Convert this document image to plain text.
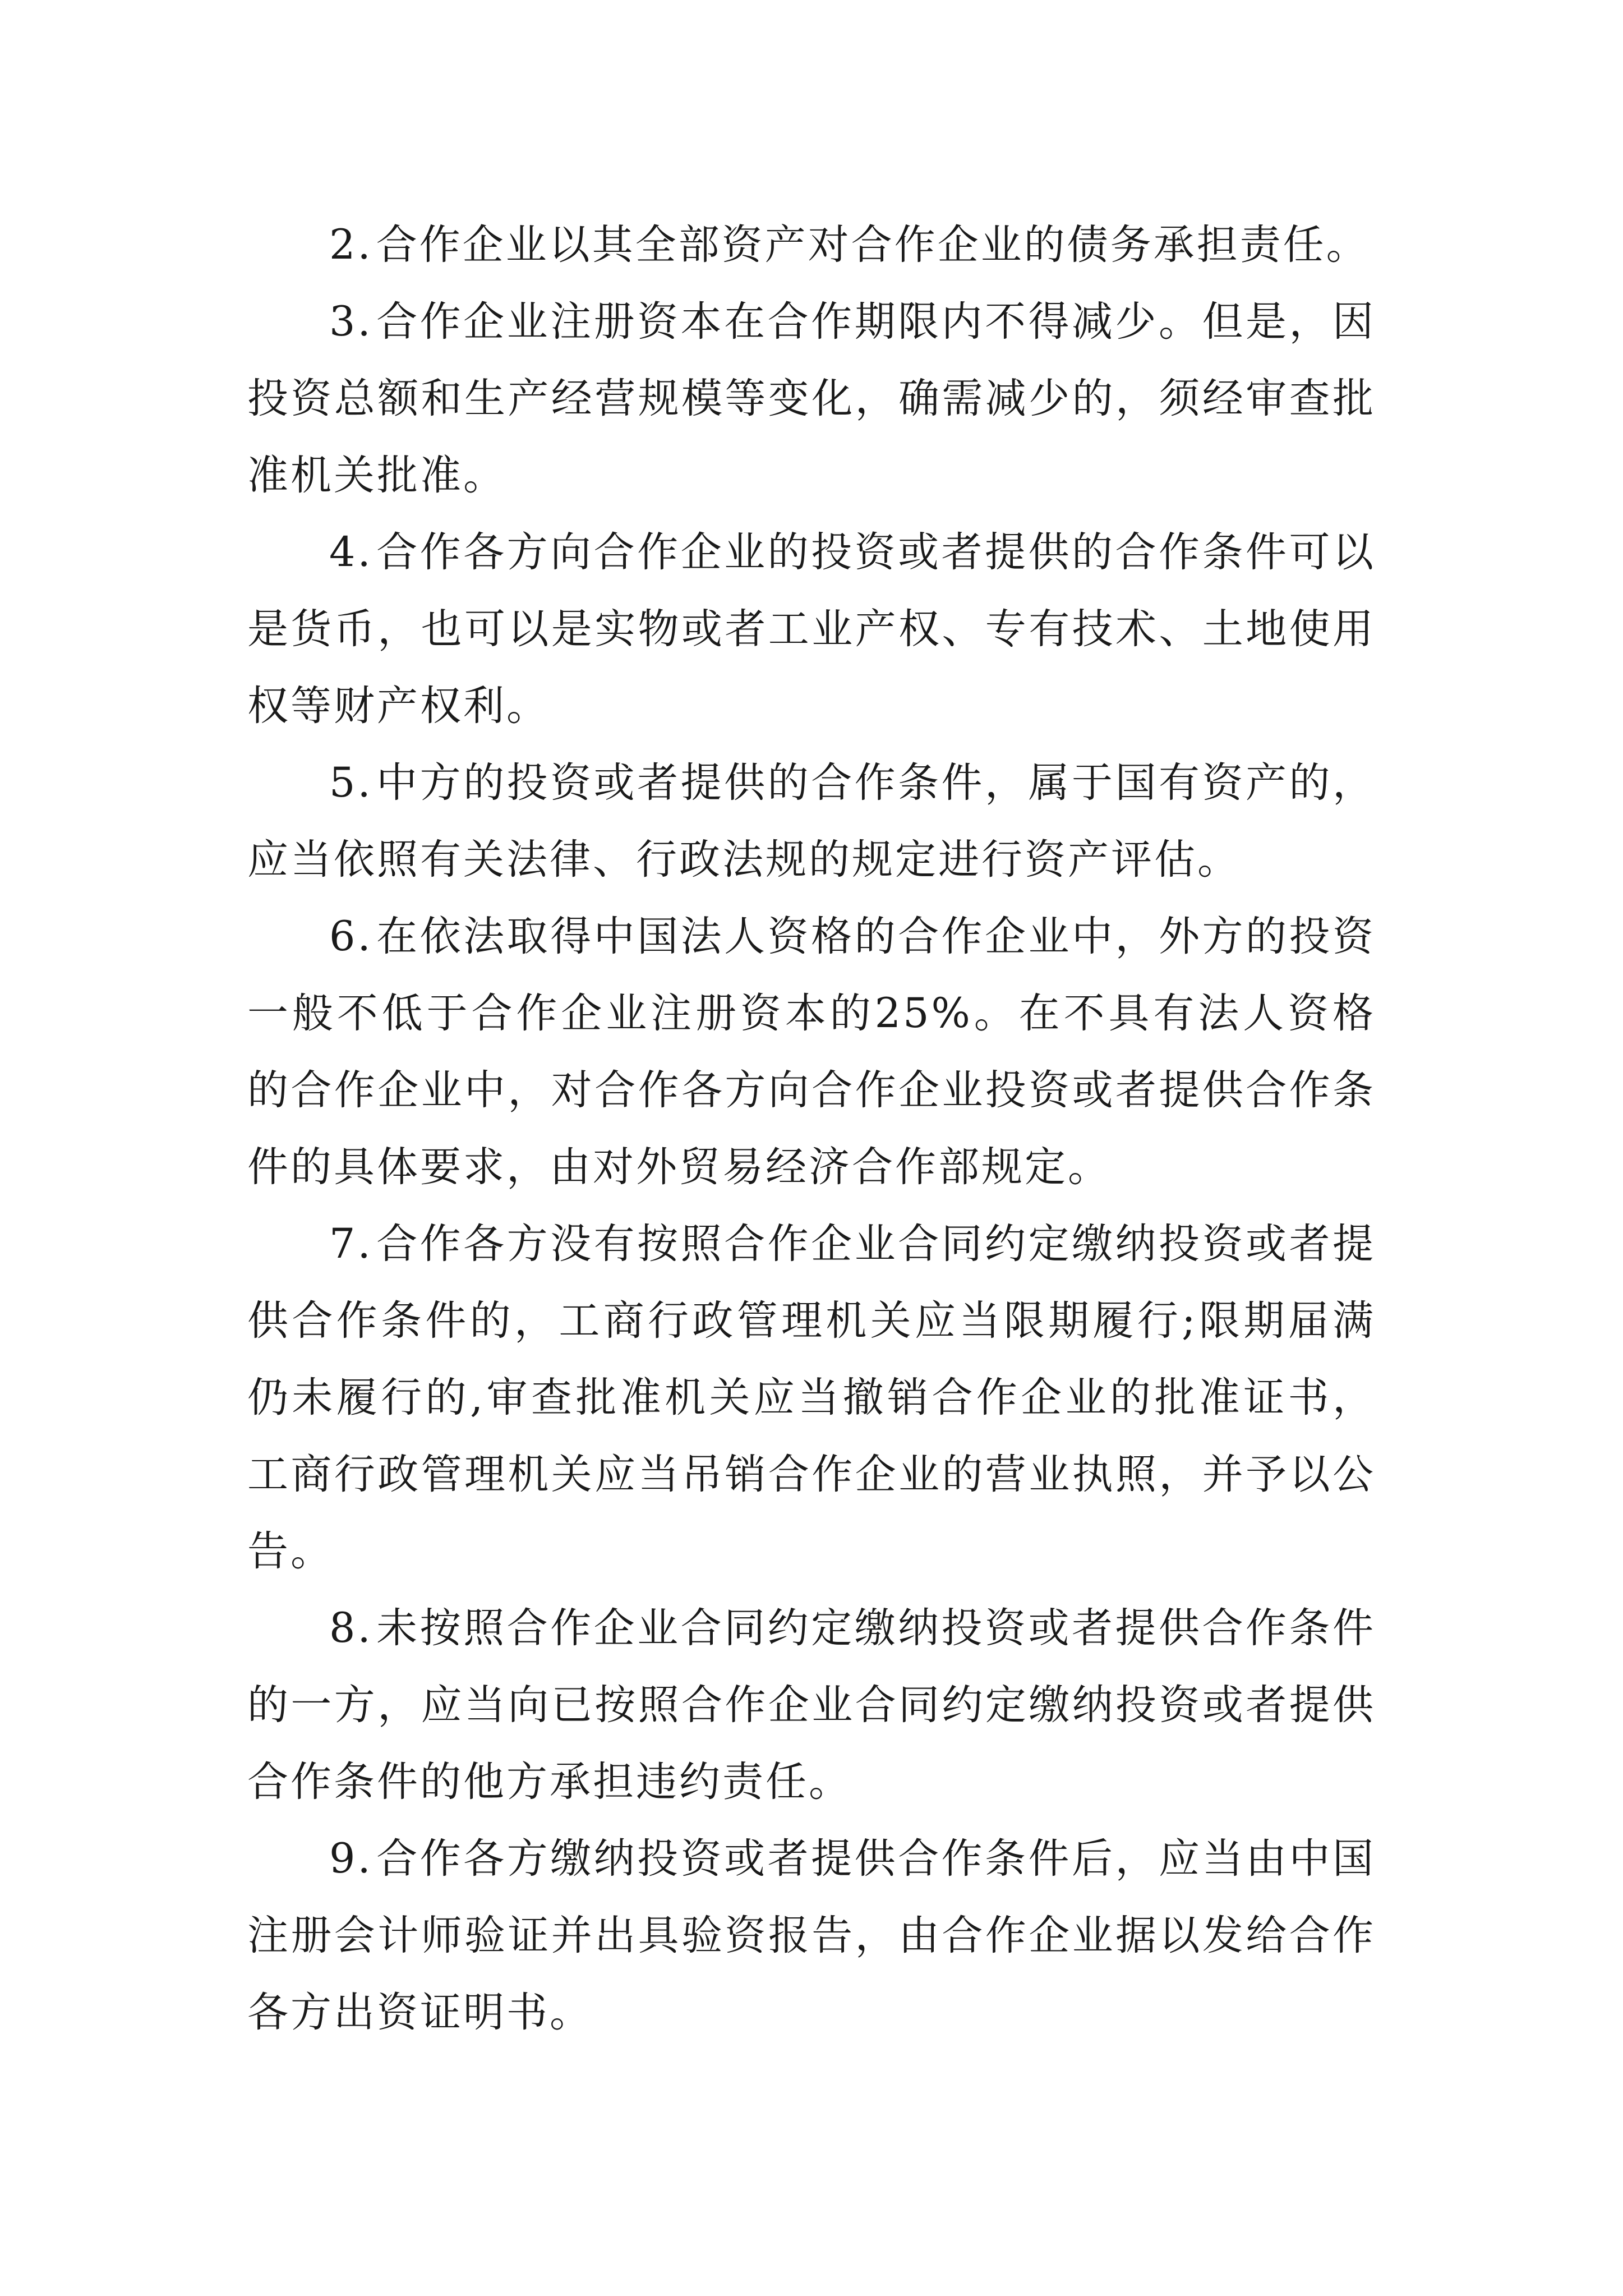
2.合作企业以其全部资产对合作企业的债务承担责任。

3.合作企业注册资本在合作期限内不得减少。但是，因投资总额和生产经营规模等变化，确需减少的，须经审查批准机关批准。

4.合作各方向合作企业的投资或者提供的合作条件可以是货币，也可以是实物或者工业产权、专有技术、土地使用权等财产权利。

5.中方的投资或者提供的合作条件，属于国有资产的，应当依照有关法律、行政法规的规定进行资产评估。

6.在依法取得中国法人资格的合作企业中，外方的投资一般不低于合作企业注册资本的25%。在不具有法人资格的合作企业中，对合作各方向合作企业投资或者提供合作条件的具体要求，由对外贸易经济合作部规定。

7.合作各方没有按照合作企业合同约定缴纳投资或者提供合作条件的，工商行政管理机关应当限期履行;限期届满仍未履行的,审查批准机关应当撤销合作企业的批准证书，工商行政管理机关应当吊销合作企业的营业执照，并予以公告。

8.未按照合作企业合同约定缴纳投资或者提供合作条件的一方，应当向已按照合作企业合同约定缴纳投资或者提供合作条件的他方承担违约责任。

9.合作各方缴纳投资或者提供合作条件后，应当由中国注册会计师验证并出具验资报告，由合作企业据以发给合作各方出资证明书。
